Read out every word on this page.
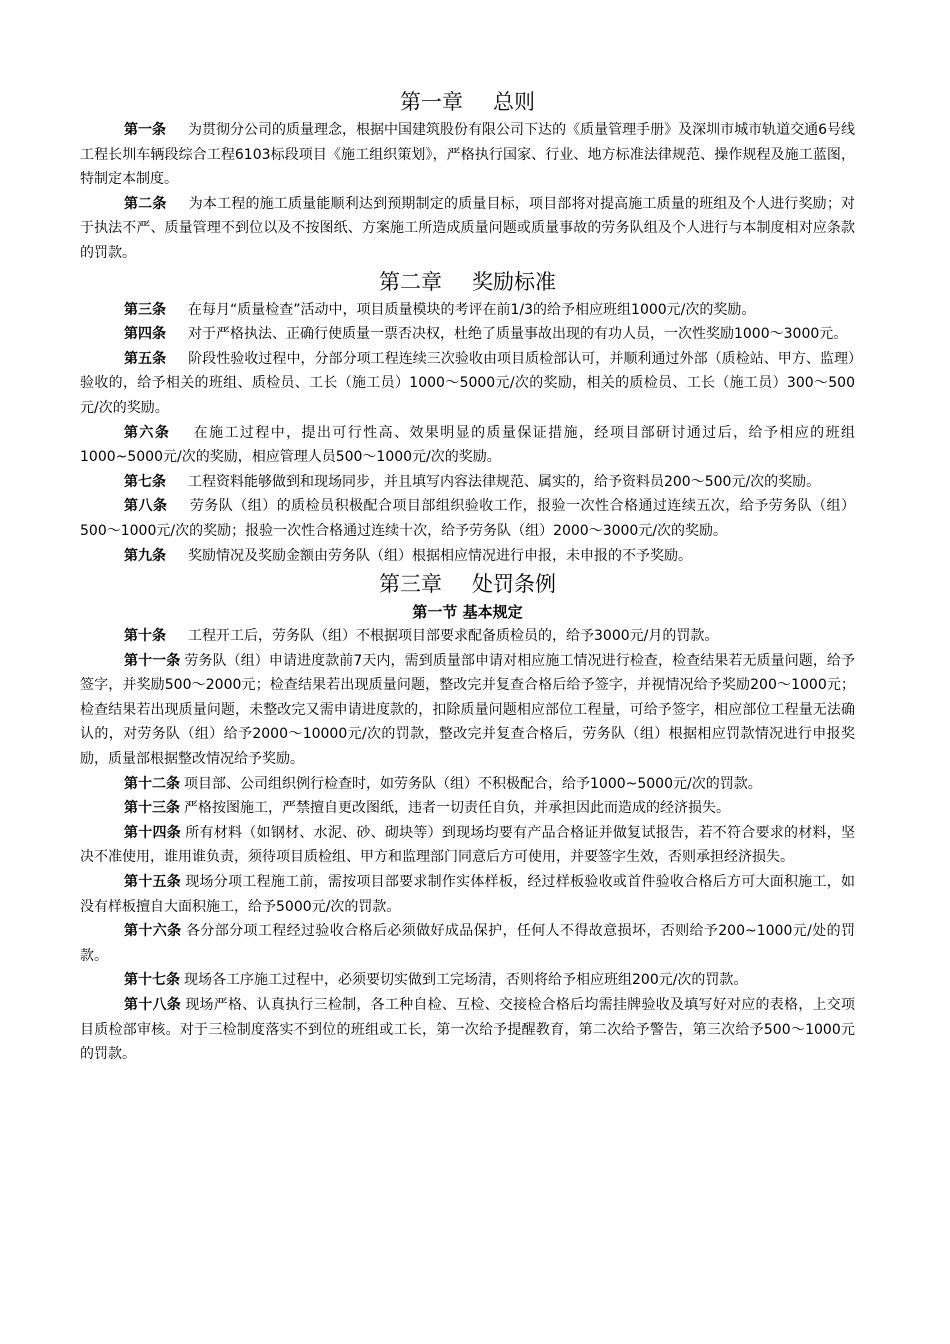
第一章 总则

第一条 为贯彻分公司的质量理念，根据中国建筑股份有限公司下达的《质量管理手册》及深圳市城市轨道交通6号线工程长圳车辆段综合工程6103标段项目《施工组织策划》，严格执行国家、行业、地方标准法律规范、操作规程及施工蓝图，特制定本制度。

第二条 为本工程的施工质量能顺利达到预期制定的质量目标，项目部将对提高施工质量的班组及个人进行奖励；对于执法不严、质量管理不到位以及不按图纸、方案施工所造成质量问题或质量事故的劳务队组及个人进行与本制度相对应条款的罚款。

第二章 奖励标准

第三条 在每月“质量检查”活动中，项目质量模块的考评在前1/3的给予相应班组1000元/次的奖励。

第四条 对于严格执法、正确行使质量一票否决权，杜绝了质量事故出现的有功人员，一次性奖励1000～3000元。

第五条 阶段性验收过程中，分部分项工程连续三次验收由项目质检部认可，并顺利通过外部（质检站、甲方、监理）验收的，给予相关的班组、质检员、工长（施工员）1000～5000元/次的奖励，相关的质检员、工长（施工员）300～500元/次的奖励。

第六条 在施工过程中，提出可行性高、效果明显的质量保证措施，经项目部研讨通过后，给予相应的班组1000~5000元/次的奖励，相应管理人员500～1000元/次的奖励。

第七条 工程资料能够做到和现场同步，并且填写内容法律规范、属实的，给予资料员200～500元/次的奖励。

第八条 劳务队（组）的质检员积极配合项目部组织验收工作，报验一次性合格通过连续五次，给予劳务队（组）500～1000元/次的奖励；报验一次性合格通过连续十次，给予劳务队（组）2000～3000元/次的奖励。

第九条 奖励情况及奖励金额由劳务队（组）根据相应情况进行申报，未申报的不予奖励。

第三章 处罚条例
第一节 基本规定

第十条 工程开工后，劳务队（组）不根据项目部要求配备质检员的，给予3000元/月的罚款。

第十一条 劳务队（组）申请进度款前7天内，需到质量部申请对相应施工情况进行检查，检查结果若无质量问题，给予签字，并奖励500～2000元；检查结果若出现质量问题，整改完并复查合格后给予签字，并视情况给予奖励200～1000元；检查结果若出现质量问题，未整改完又需申请进度款的，扣除质量问题相应部位工程量，可给予签字，相应部位工程量无法确认的，对劳务队（组）给予2000～10000元/次的罚款，整改完并复查合格后，劳务队（组）根据相应罚款情况进行申报奖励，质量部根据整改情况给予奖励。

第十二条 项目部、公司组织例行检查时，如劳务队（组）不积极配合，给予1000~5000元/次的罚款。

第十三条 严格按图施工，严禁擅自更改图纸，违者一切责任自负，并承担因此而造成的经济损失。

第十四条 所有材料（如钢材、水泥、砂、砌块等）到现场均要有产品合格证并做复试报告，若不符合要求的材料，坚决不准使用，谁用谁负责，须待项目质检组、甲方和监理部门同意后方可使用，并要签字生效，否则承担经济损失。

第十五条 现场分项工程施工前，需按项目部要求制作实体样板，经过样板验收或首件验收合格后方可大面积施工，如没有样板擅自大面积施工，给予5000元/次的罚款。

第十六条 各分部分项工程经过验收合格后必须做好成品保护，任何人不得故意损坏，否则给予200~1000元/处的罚款。

第十七条 现场各工序施工过程中，必须要切实做到工完场清，否则将给予相应班组200元/次的罚款。

第十八条 现场严格、认真执行三检制，各工种自检、互检、交接检合格后均需挂牌验收及填写好对应的表格，上交项目质检部审核。对于三检制度落实不到位的班组或工长，第一次给予提醒教育，第二次给予警告，第三次给予500～1000元的罚款。
